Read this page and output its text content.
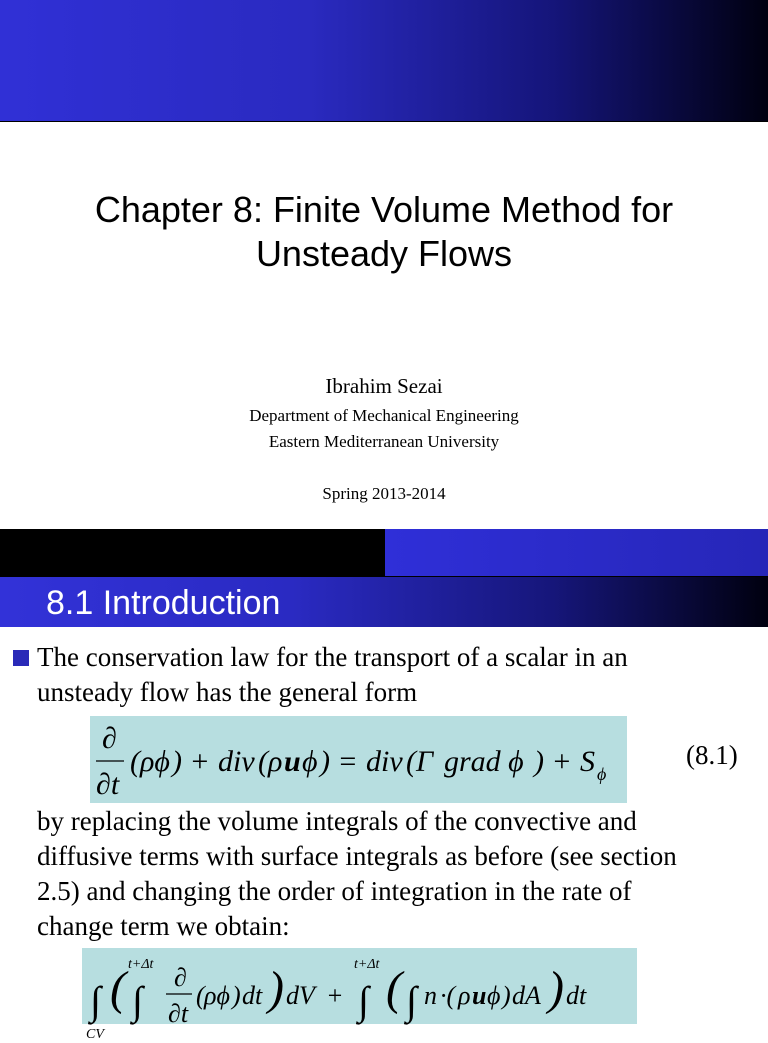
Chapter 8: Finite Volume Method for
Unsteady Flows
Ibrahim Sezai
Department of Mechanical Engineering
Eastern Mediterranean University
Spring 2013-2014
8.1 Introduction
The conservation law for the transport of a scalar in an
unsteady flow has the general form
∂
∂t
( ρϕ ) + div ( ρ u ϕ ) = div (Γ grad ϕ ) + S ϕ
(8.1)
by replacing the volume integrals of the convective and
diffusive terms with surface integrals as before (see section
2.5) and changing the order of integration in the rate of
change term we obtain:
∫ ( t+Δt
∫
∂
∂t
( ρϕ ) dt ) dV +
t+Δt
∫ ( ∫ n ·( ρ u ϕ ) dA ) dt
CV
